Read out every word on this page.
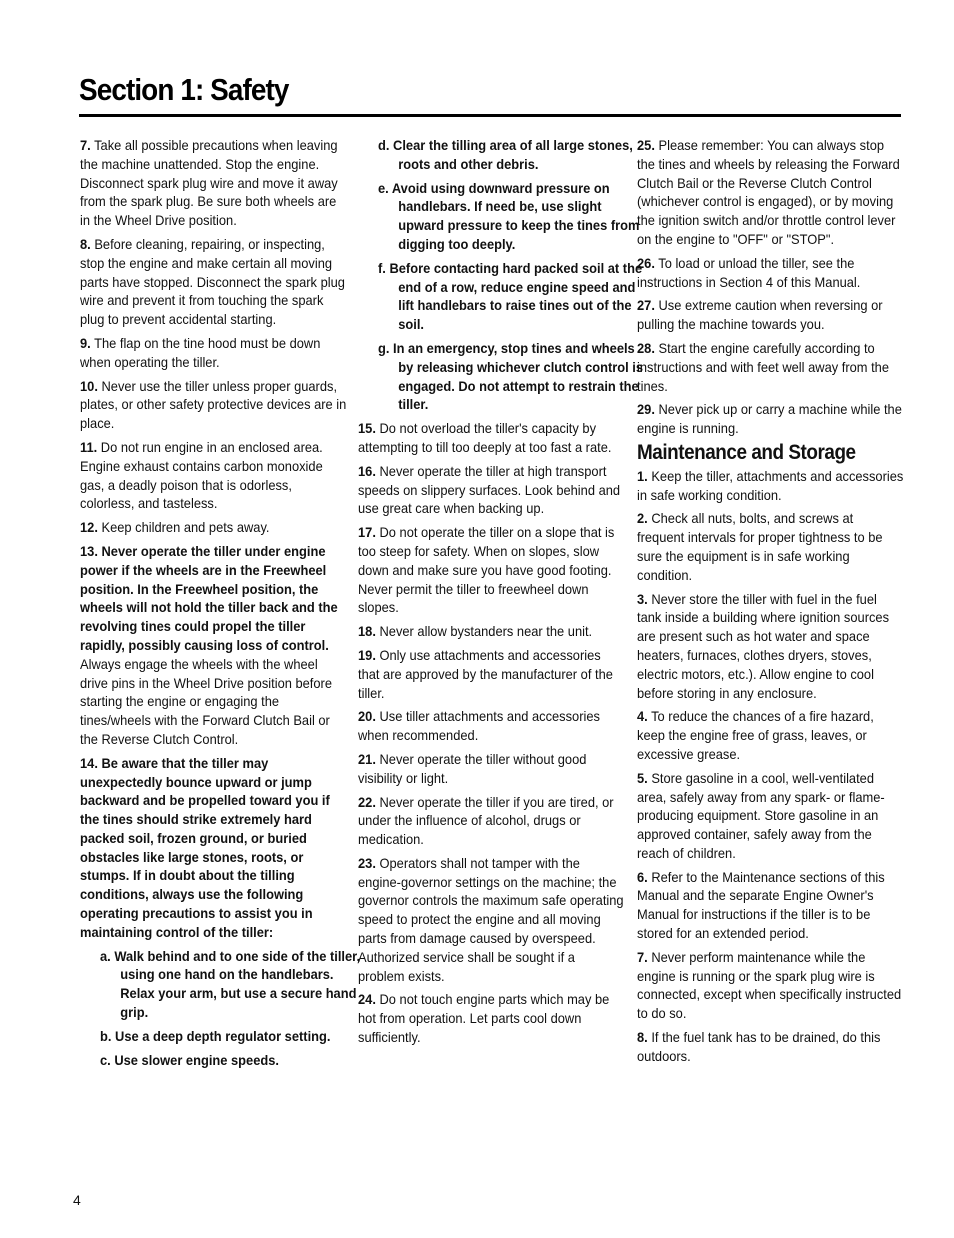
Section 1: Safety

7. Take all possible precautions when leaving the machine unattended. Stop the engine. Disconnect spark plug wire and move it away from the spark plug. Be sure both wheels are in the Wheel Drive position.

8. Before cleaning, repairing, or inspecting, stop the engine and make certain all moving parts have stopped. Disconnect the spark plug wire and prevent it from touching the spark plug to prevent accidental starting.

9. The flap on the tine hood must be down when operating the tiller.

10. Never use the tiller unless proper guards, plates, or other safety protective devices are in place.

11. Do not run engine in an enclosed area. Engine exhaust contains carbon monoxide gas, a deadly poison that is odorless, colorless, and tasteless.

12. Keep children and pets away.

13. Never operate the tiller under engine power if the wheels are in the Freewheel position. In the Freewheel position, the wheels will not hold the tiller back and the revolving tines could propel the tiller rapidly, possibly causing loss of control. Always engage the wheels with the wheel drive pins in the Wheel Drive position before starting the engine or engaging the tines/wheels with the Forward Clutch Bail or the Reverse Clutch Control.

14. Be aware that the tiller may unexpectedly bounce upward or jump backward and be propelled toward you if the tines should strike extremely hard packed soil, frozen ground, or buried obstacles like large stones, roots, or stumps. If in doubt about the tilling conditions, always use the following operating precautions to assist you in maintaining control of the tiller:

a. Walk behind and to one side of the tiller, using one hand on the handlebars. Relax your arm, but use a secure hand grip.

b. Use a deep depth regulator setting.

c. Use slower engine speeds.

d. Clear the tilling area of all large stones, roots and other debris.

e. Avoid using downward pressure on handlebars. If need be, use slight upward pressure to keep the tines from digging too deeply.

f. Before contacting hard packed soil at the end of a row, reduce engine speed and lift handlebars to raise tines out of the soil.

g. In an emergency, stop tines and wheels by releasing whichever clutch control is engaged. Do not attempt to restrain the tiller.

15. Do not overload the tiller's capacity by attempting to till too deeply at too fast a rate.

16. Never operate the tiller at high transport speeds on slippery surfaces. Look behind and use great care when backing up.

17. Do not operate the tiller on a slope that is too steep for safety. When on slopes, slow down and make sure you have good footing. Never permit the tiller to freewheel down slopes.

18. Never allow bystanders near the unit.

19. Only use attachments and accessories that are approved by the manufacturer of the tiller.

20. Use tiller attachments and accessories when recommended.

21. Never operate the tiller without good visibility or light.

22. Never operate the tiller if you are tired, or under the influence of alcohol, drugs or medication.

23. Operators shall not tamper with the engine-governor settings on the machine; the governor controls the maximum safe operating speed to protect the engine and all moving parts from damage caused by overspeed. Authorized service shall be sought if a problem exists.

24. Do not touch engine parts which may be hot from operation. Let parts cool down sufficiently.

25. Please remember: You can always stop the tines and wheels by releasing the Forward Clutch Bail or the Reverse Clutch Control (whichever control is engaged), or by moving the ignition switch and/or throttle control lever on the engine to "OFF" or "STOP".

26. To load or unload the tiller, see the instructions in Section 4 of this Manual.

27. Use extreme caution when reversing or pulling the machine towards you.

28. Start the engine carefully according to instructions and with feet well away from the tines.

29. Never pick up or carry a machine while the engine is running.

Maintenance and Storage

1. Keep the tiller, attachments and accessories in safe working condition.

2. Check all nuts, bolts, and screws at frequent intervals for proper tightness to be sure the equipment is in safe working condition.

3. Never store the tiller with fuel in the fuel tank inside a building where ignition sources are present such as hot water and space heaters, furnaces, clothes dryers, stoves, electric motors, etc.). Allow engine to cool before storing in any enclosure.

4. To reduce the chances of a fire hazard, keep the engine free of grass, leaves, or excessive grease.

5. Store gasoline in a cool, well-ventilated area, safely away from any spark- or flame-producing equipment. Store gasoline in an approved container, safely away from the reach of children.

6. Refer to the Maintenance sections of this Manual and the separate Engine Owner's Manual for instructions if the tiller is to be stored for an extended period.

7. Never perform maintenance while the engine is running or the spark plug wire is connected, except when specifically instructed to do so.

8. If the fuel tank has to be drained, do this outdoors.

4
